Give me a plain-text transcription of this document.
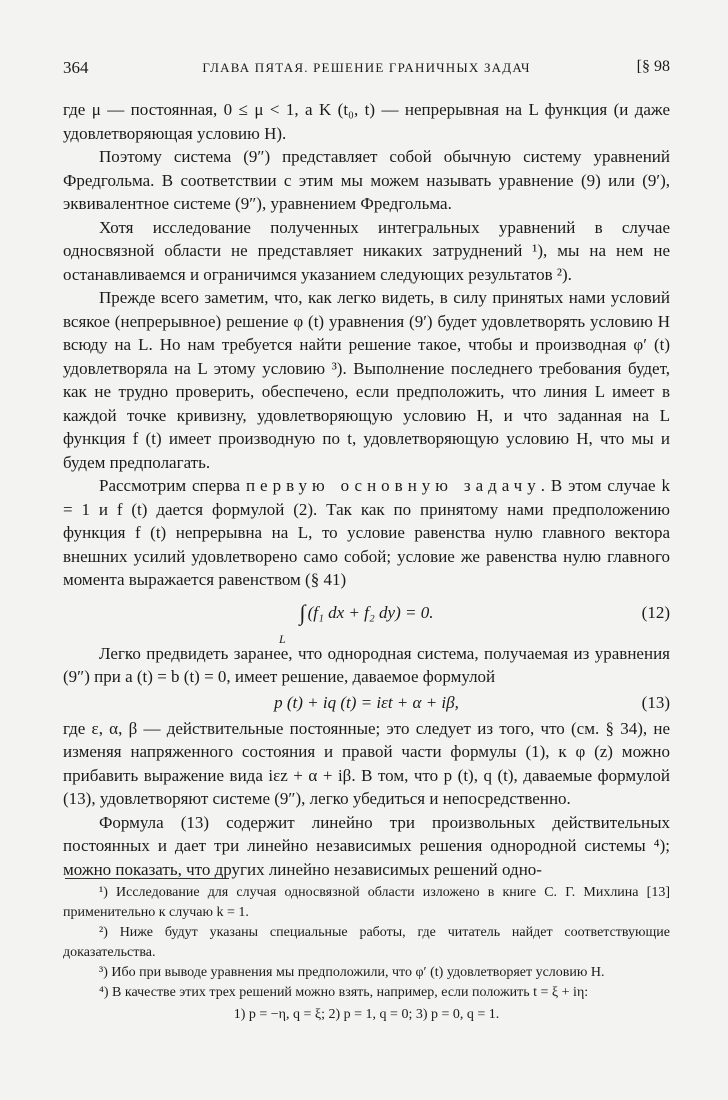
364	ГЛАВА ПЯТАЯ. РЕШЕНИЕ ГРАНИЧНЫХ ЗАДАЧ	[§ 98

где μ — постоянная, 0 ≤ μ < 1, а K (t₀, t) — непрерывная на L функция (и даже удовлетворяющая условию H).

Поэтому система (9″) представляет собой обычную систему уравнений Фредгольма. В соответствии с этим мы можем называть уравнение (9) или (9′), эквивалентное системе (9″), уравнением Фредгольма.

Хотя исследование полученных интегральных уравнений в случае односвязной области не представляет никаких затруднений ¹), мы на нем не останавливаемся и ограничимся указанием следующих результатов ²).

Прежде всего заметим, что, как легко видеть, в силу принятых нами условий всякое (непрерывное) решение φ (t) уравнения (9′) будет удовлетворять условию H всюду на L. Но нам требуется найти решение такое, чтобы и производная φ′ (t) удовлетворяла на L этому условию ³). Выполнение последнего требования будет, как не трудно проверить, обеспечено, если предположить, что линия L имеет в каждой точке кривизну, удовлетворяющую условию H, и что заданная на L функция f (t) имеет производную по t, удовлетворяющую условию H, что мы и будем предполагать.

Рассмотрим сперва первую основную задачу. В этом случае k = 1 и f (t) дается формулой (2). Так как по принятому нами предположению функция f (t) непрерывна на L, то условие равенства нулю главного вектора внешних усилий удовлетворено само собой; условие же равенства нулю главного момента выражается равенством (§ 41)

∫ (f₁ dx + f₂ dy) = 0.
L
(12)

Легко предвидеть заранее, что однородная система, получаемая из уравнения (9″) при a (t) = b (t) = 0, имеет решение, даваемое формулой

p (t) + iq (t) = iεt + α + iβ,	(13)

где ε, α, β — действительные постоянные; это следует из того, что (см. § 34), не изменяя напряженного состояния и правой части формулы (1), к φ (z) можно прибавить выражение вида iεz + α + iβ. В том, что p (t), q (t), даваемые формулой (13), удовлетворяют системе (9″), легко убедиться и непосредственно.

Формула (13) содержит линейно три произвольных действительных постоянных и дает три линейно независимых решения однородной системы ⁴); можно показать, что других линейно независимых решений одно-

¹) Исследование для случая односвязной области изложено в книге С. Г. Михлина [13] применительно к случаю k = 1.

²) Ниже будут указаны специальные работы, где читатель найдет соответствующие доказательства.

³) Ибо при выводе уравнения мы предположили, что φ′ (t) удовлетворяет условию H.

⁴) В качестве этих трех решений можно взять, например, если положить t = ξ + iη:

1) p = −η, q = ξ; 2) p = 1, q = 0; 3) p = 0, q = 1.
